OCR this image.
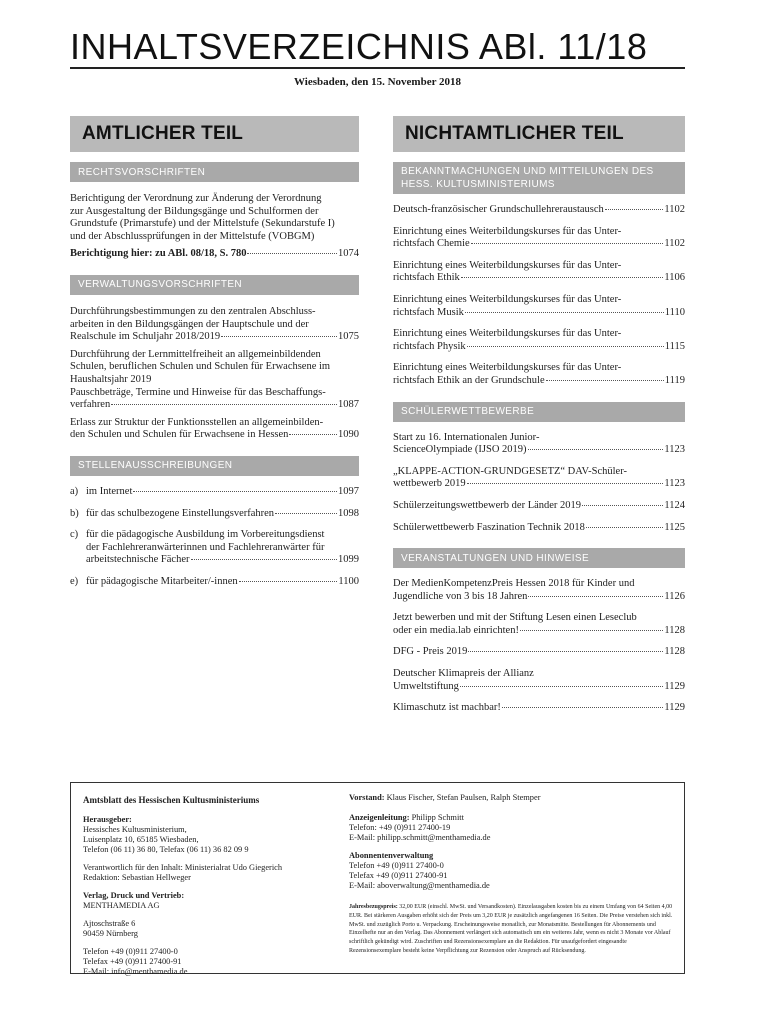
INHALTSVERZEICHNIS ABl. 11/18
Wiesbaden, den 15. November 2018
AMTLICHER TEIL
RECHTSVORSCHRIFTEN
Berichtigung der Verordnung zur Änderung der Verordnung
zur Ausgestaltung der Bildungsgänge und Schulformen der
Grundstufe (Primarstufe) und der Mittelstufe (Sekundarstufe I)
und der Abschlussprüfungen in der Mittelstufe (VOBGM)
Berichtigung hier: zu ABl. 08/18, S. 780	1074
VERWALTUNGSVORSCHRIFTEN
Durchführungsbestimmungen zu den zentralen Abschluss-
arbeiten in den Bildungsgängen der Hauptschule und der
Realschule im Schuljahr 2018/2019	1075
Durchführung der Lernmittelfreiheit an allgemeinbildenden
Schulen, beruflichen Schulen und Schulen für Erwachsene im
Haushaltsjahr 2019
Pauschbeträge, Termine und Hinweise für das Beschaffungs-
verfahren	1087
Erlass zur Struktur der Funktionsstellen an allgemeinbilden-
den Schulen und Schulen für Erwachsene in Hessen	1090
STELLENAUSSCHREIBUNGEN
a) im Internet	1097
b) für das schulbezogene Einstellungsverfahren	1098
c) für die pädagogische Ausbildung im Vorbereitungsdienst
der Fachlehreranwärterinnen und Fachlehreranwärter für
arbeitstechnische Fächer	1099
e) für pädagogische Mitarbeiter/-innen	1100
NICHTAMTLICHER TEIL
BEKANNTMACHUNGEN UND MITTEILUNGEN DES HESS. KULTUSMINISTERIUMS
Deutsch-französischer Grundschullehreraustausch	1102
Einrichtung eines Weiterbildungskurses für das Unter-
richtsfach Chemie	1102
Einrichtung eines Weiterbildungskurses für das Unter-
richtsfach Ethik	1106
Einrichtung eines Weiterbildungskurses für das Unter-
richtsfach Musik	1110
Einrichtung eines Weiterbildungskurses für das Unter-
richtsfach Physik	1115
Einrichtung eines Weiterbildungskurses für das Unter-
richtsfach Ethik an der Grundschule	1119
SCHÜLERWETTBEWERBE
Start zu 16. Internationalen Junior-
ScienceOlympiade (IJSO 2019)	1123
„KLAPPE-ACTION-GRUNDGESETZ“ DAV-Schüler-
wettbewerb 2019	1123
Schülerzeitungswettbewerb der Länder 2019	1124
Schülerwettbewerb Faszination Technik 2018	1125
VERANSTALTUNGEN UND HINWEISE
Der MedienKompetenzPreis Hessen 2018 für Kinder und
Jugendliche von 3 bis 18 Jahren	1126
Jetzt bewerben und mit der Stiftung Lesen einen Leseclub
oder ein media.lab einrichten!	1128
DFG - Preis 2019	1128
Deutscher Klimapreis der Allianz
Umweltstiftung	1129
Klimaschutz ist machbar!	1129
Amtsblatt des Hessischen Kultusministeriums
Herausgeber:
Hessisches Kultusministerium,
Luisenplatz 10, 65185 Wiesbaden,
Telefon (06 11) 36 80, Telefax (06 11) 36 82 09 9
Verantwortlich für den Inhalt: Ministerialrat Udo Giegerich
Redaktion: Sebastian Hellweger
Verlag, Druck und Vertrieb:
MENTHAMEDIA AG
Ajtoschstraße 6
90459 Nürnberg
Telefon +49 (0)911 27400-0
Telefax +49 (0)911 27400-91
E-Mail: info@menthamedia.de
Vorstand: Klaus Fischer, Stefan Paulsen, Ralph Stemper
Anzeigenleitung: Philipp Schmitt
Telefon: +49 (0)911 27400-19
E-Mail: philipp.schmitt@menthamedia.de
Abonnentenverwaltung
Telefon +49 (0)911 27400-0
Telefax +49 (0)911 27400-91
E-Mail: aboverwaltung@menthamedia.de
Jahresbezugspreis: 32,00 EUR (einschl. MwSt. und Versandkosten). Einzelausgaben kosten bis zu einem Umfang von 64 Seiten 4,00 EUR. Bei stärkeren Ausgaben erhöht sich der Preis um 3,20 EUR je zusätzlich angefangenen 16 Seiten. Die Preise verstehen sich inkl. MwSt. und zuzüglich Porto u. Verpackung. Erscheinungsweise monatlich, zur Monatsmitte. Bestellungen für Abonnements und Einzelhefte nur an den Verlag. Das Abonnement verlängert sich automatisch um ein weiteres Jahr, wenn es nicht 3 Monate vor Ablauf schriftlich gekündigt wird. Zuschriften und Rezensionsexemplare an die Redaktion. Für unaufgefordert eingesandte Rezensionsexemplare besteht keine Verpflichtung zur Rezension oder Anspruch auf Rücksendung.
